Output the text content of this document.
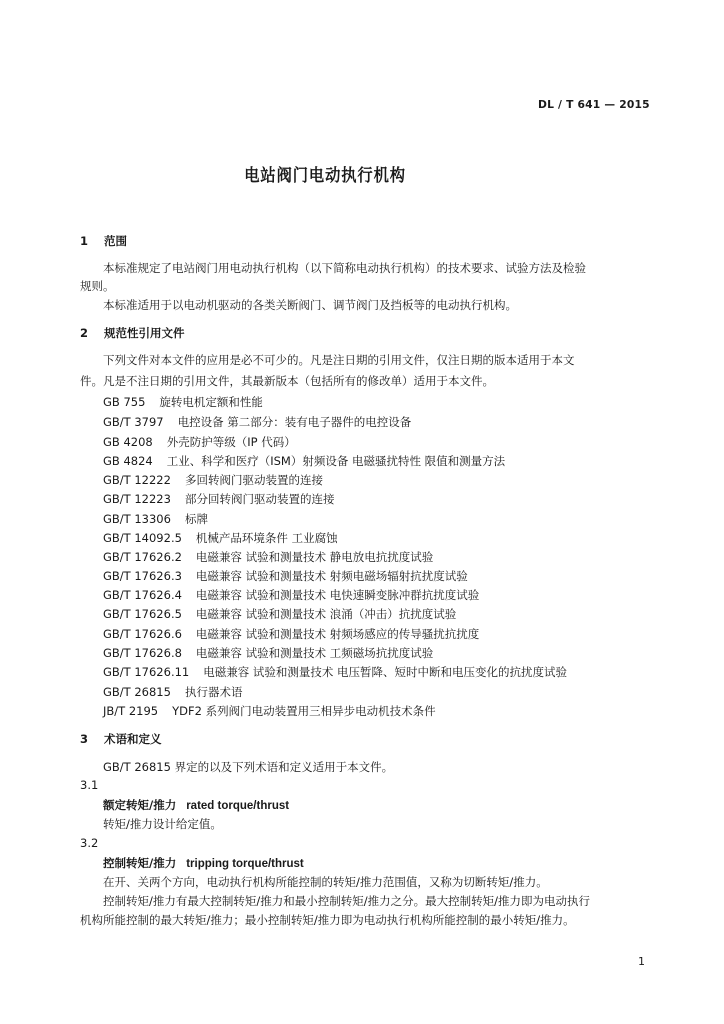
DL / T 641 — 2015
电站阀门电动执行机构
1 范围
本标准规定了电站阀门用电动执行机构（以下简称电动执行机构）的技术要求、试验方法及检验
规则。
本标准适用于以电动机驱动的各类关断阀门、调节阀门及挡板等的电动执行机构。
2 规范性引用文件
下列文件对本文件的应用是必不可少的。凡是注日期的引用文件，仅注日期的版本适用于本文
件。凡是不注日期的引用文件，其最新版本（包括所有的修改单）适用于本文件。
GB 755 旋转电机定额和性能
GB/T 3797 电控设备 第二部分：装有电子器件的电控设备
GB 4208 外壳防护等级（IP 代码）
GB 4824 工业、科学和医疗（ISM）射频设备 电磁骚扰特性 限值和测量方法
GB/T 12222 多回转阀门驱动装置的连接
GB/T 12223 部分回转阀门驱动装置的连接
GB/T 13306 标牌
GB/T 14092.5 机械产品环境条件 工业腐蚀
GB/T 17626.2 电磁兼容 试验和测量技术 静电放电抗扰度试验
GB/T 17626.3 电磁兼容 试验和测量技术 射频电磁场辐射抗扰度试验
GB/T 17626.4 电磁兼容 试验和测量技术 电快速瞬变脉冲群抗扰度试验
GB/T 17626.5 电磁兼容 试验和测量技术 浪涌（冲击）抗扰度试验
GB/T 17626.6 电磁兼容 试验和测量技术 射频场感应的传导骚扰抗扰度
GB/T 17626.8 电磁兼容 试验和测量技术 工频磁场抗扰度试验
GB/T 17626.11 电磁兼容 试验和测量技术 电压暂降、短时中断和电压变化的抗扰度试验
GB/T 26815 执行器术语
JB/T 2195 YDF2 系列阀门电动装置用三相异步电动机技术条件
3 术语和定义
GB/T 26815 界定的以及下列术语和定义适用于本文件。
3.1
额定转矩/推力 rated torque/thrust
转矩/推力设计给定值。
3.2
控制转矩/推力 tripping torque/thrust
在开、关两个方向，电动执行机构所能控制的转矩/推力范围值，又称为切断转矩/推力。
控制转矩/推力有最大控制转矩/推力和最小控制转矩/推力之分。最大控制转矩/推力即为电动执行
机构所能控制的最大转矩/推力；最小控制转矩/推力即为电动执行机构所能控制的最小转矩/推力。
1
